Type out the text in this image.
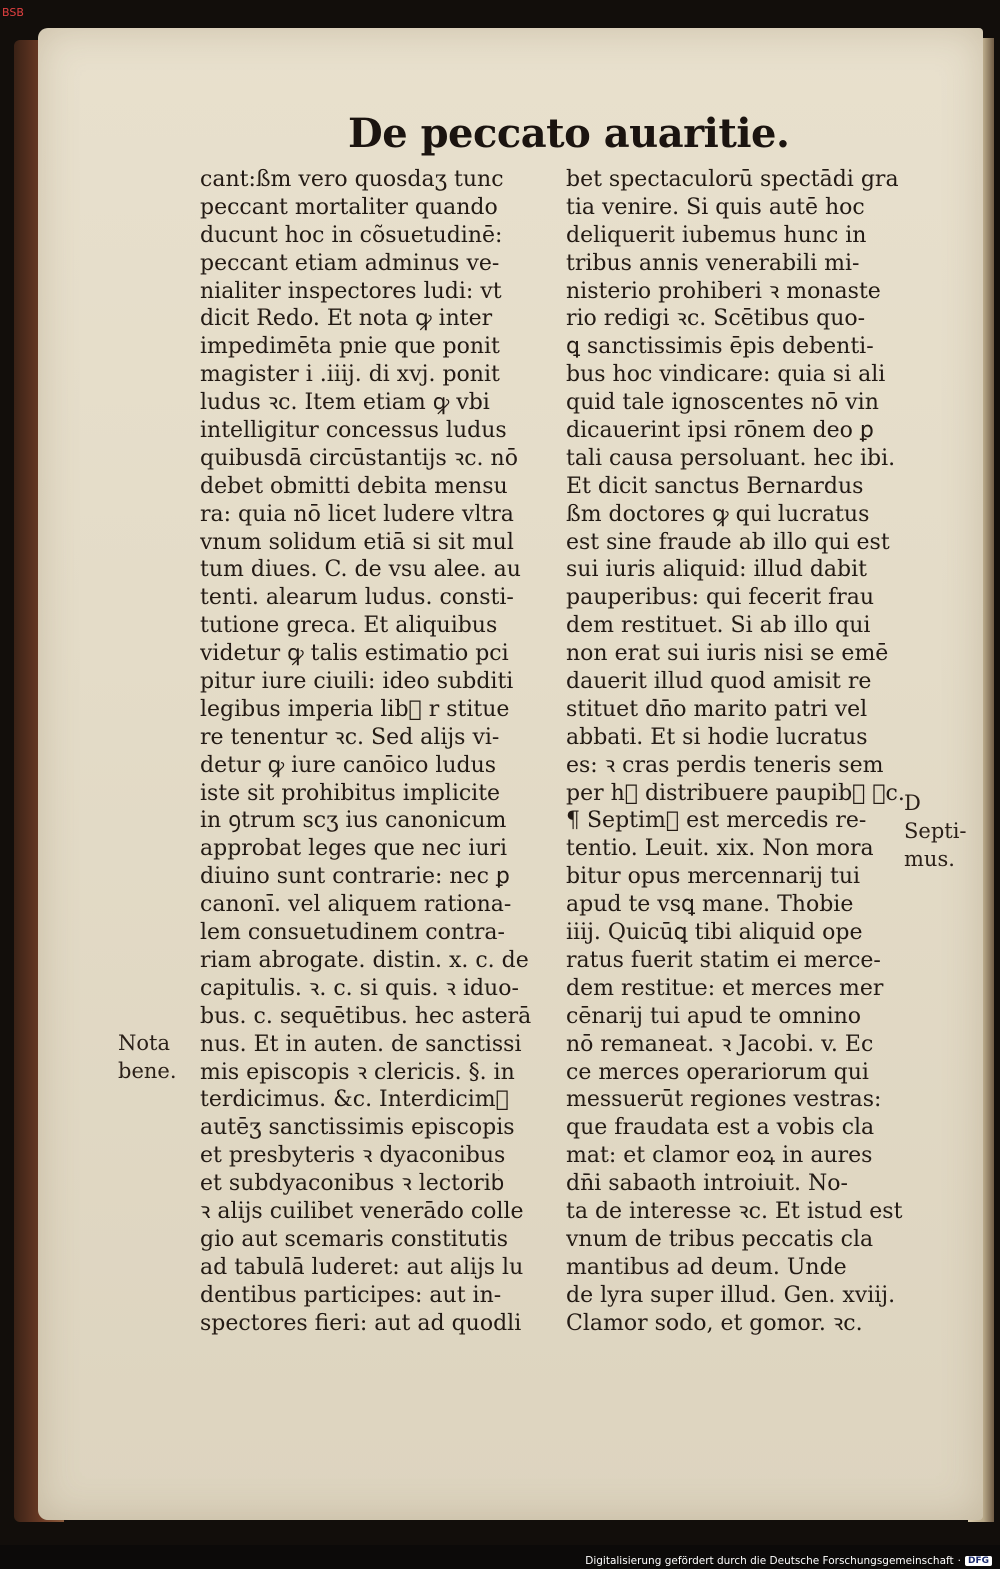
BSB
De peccato auaritie.
cant:ßm vero quosdaʒ tunc
peccant mortaliter quando
ducunt hoc in cõsuetudinē:
peccant etiam adminus ve‑
nialiter inspectores ludi: vt
dicit Redo. Et nota ꝙ inter
impedimēta pnie que ponit
magister i .iiij. di xvj. ponit
ludus ꝛc. Item etiam ꝙ vbi
intelligitur concessus ludus
quibusdā circūstantijs ꝛc. nō
debet obmitti debita mensu
ra: quia nō licet ludere vltra
vnum solidum etiā si sit mul
tum diues. C. de vsu alee. au
tenti. alearum ludus. consti‑
tutione greca. Et aliquibus
videtur ꝙ talis estimatio pci
pitur iure ciuili: ideo subditi
legibus imperia lib᷒ r stitue
re tenentur ꝛc. Sed alijs vi‑
detur ꝙ iure canōico ludus
iste sit prohibitus implicite
in ꝯtrum scʒ ius canonicum
approbat leges que nec iuri
diuino sunt contrarie: nec ꝑ
canonī. vel aliquem rationa‑
lem consuetudinem contra‑
riam abrogate. distin. x. c. de
capitulis. ꝛ. c. si quis. ꝛ iduo‑
bus. c. sequētibus. hec asterā
nus. Et in auten. de sanctissi
mis episcopis ꝛ clericis. §. in
terdicimus. &c. Interdicim᷒
autēʒ sanctissimis episcopis
et presbyteris ꝛ dyaconibus
et subdyaconibus ꝛ lectorib᷒
ꝛ alijs cuilibet venerādo colle
gio aut scemaris constitutis
ad tabulā luderet: aut alijs lu
dentibus participes: aut in‑
spectores fieri: aut ad quodli
bet spectaculorū spectādi gra
tia venire. Si quis autē hoc
deliquerit iubemus hunc in
tribus annis venerabili mi‑
nisterio prohiberi ꝛ monaste
rio redigi ꝛc. Scētibus quo‑
ꝗ sanctissimis ēpis debenti‑
bus hoc vindicare: quia si ali
quid tale ignoscentes nō vin
dicauerint ipsi rōnem deo ꝑ
tali causa persoluant. hec ibi.
Et dicit sanctus Bernardus
ßm doctores ꝙ qui lucratus
est sine fraude ab illo qui est
sui iuris aliquid: illud dabit
pauperibus: qui fecerit frau
dem restituet. Si ab illo qui
non erat sui iuris nisi se emē
dauerit illud quod amisit re
stituet dn̄o marito patri vel
abbati. Et si hodie lucratus
es: ꝛ cras perdis teneris sem
per h᷒ distribuere paupib᷒ ꝛc.
¶ Septim᷒ est mercedis re‑
tentio. Leuit. xix. Non mora
bitur opus mercennarij tui
apud te vsꝗ mane. Thobie
iiij. Quicūꝗ tibi aliquid ope
ratus fuerit statim ei merce‑
dem restitue: et merces mer
cēnarij tui apud te omnino
nō remaneat. ꝛ Jacobi. v. Ec
ce merces operariorum qui
messuerūt regiones vestras:
que fraudata est a vobis cla
mat: et clamor eoꝝ in aures
dn̄i sabaoth introiuit. No‑
ta de interesse ꝛc. Et istud est
vnum de tribus peccatis cla
mantibus ad deum. Unde
de lyra super illud. Gen. xviij.
Clamor sodo, et gomor. ꝛc.
Nota
bene.
D
Septi‑
mus.
Digitalisierung gefördert durch die Deutsche Forschungsgemeinschaft · DFG
